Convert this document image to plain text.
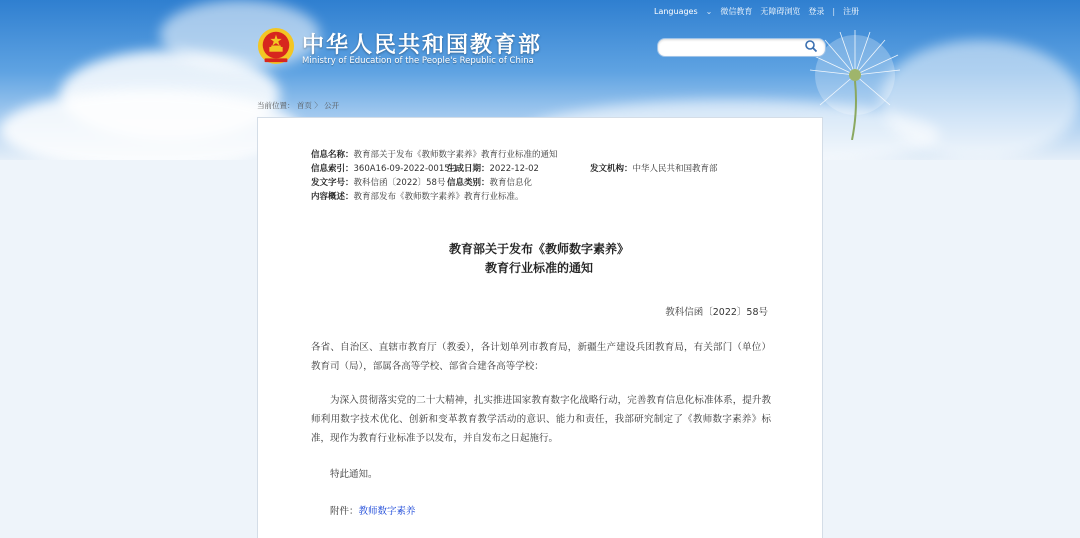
Languages ⌄ 微信教育 无障碍浏览 登录 | 注册
中华人民共和国教育部
Ministry of Education of the People's Republic of China
当前位置： 首页 〉 公开
信息名称：教育部关于发布《教师数字素养》教育行业标准的通知
信息索引：360A16-09-2022-0015-1
生成日期：2022-12-02	发文机构：中华人民共和国教育部
发文字号：教科信函〔2022〕58号 信息类别：教育信息化
内容概述：教育部发布《教师数字素养》教育行业标准。
教育部关于发布《教师数字素养》
教育行业标准的通知
教科信函〔2022〕58号
各省、自治区、直辖市教育厅（教委），各计划单列市教育局，新疆生产建设兵团教育局，有关部门（单位）教育司（局），部属各高等学校、部省合建各高等学校：
为深入贯彻落实党的二十大精神，扎实推进国家教育数字化战略行动，完善教育信息化标准体系，提升教师利用数字技术优化、创新和变革教育教学活动的意识、能力和责任，我部研究制定了《教师数字素养》标准，现作为教育行业标准予以发布，并自发布之日起施行。
特此通知。
附件：教师数字素养
